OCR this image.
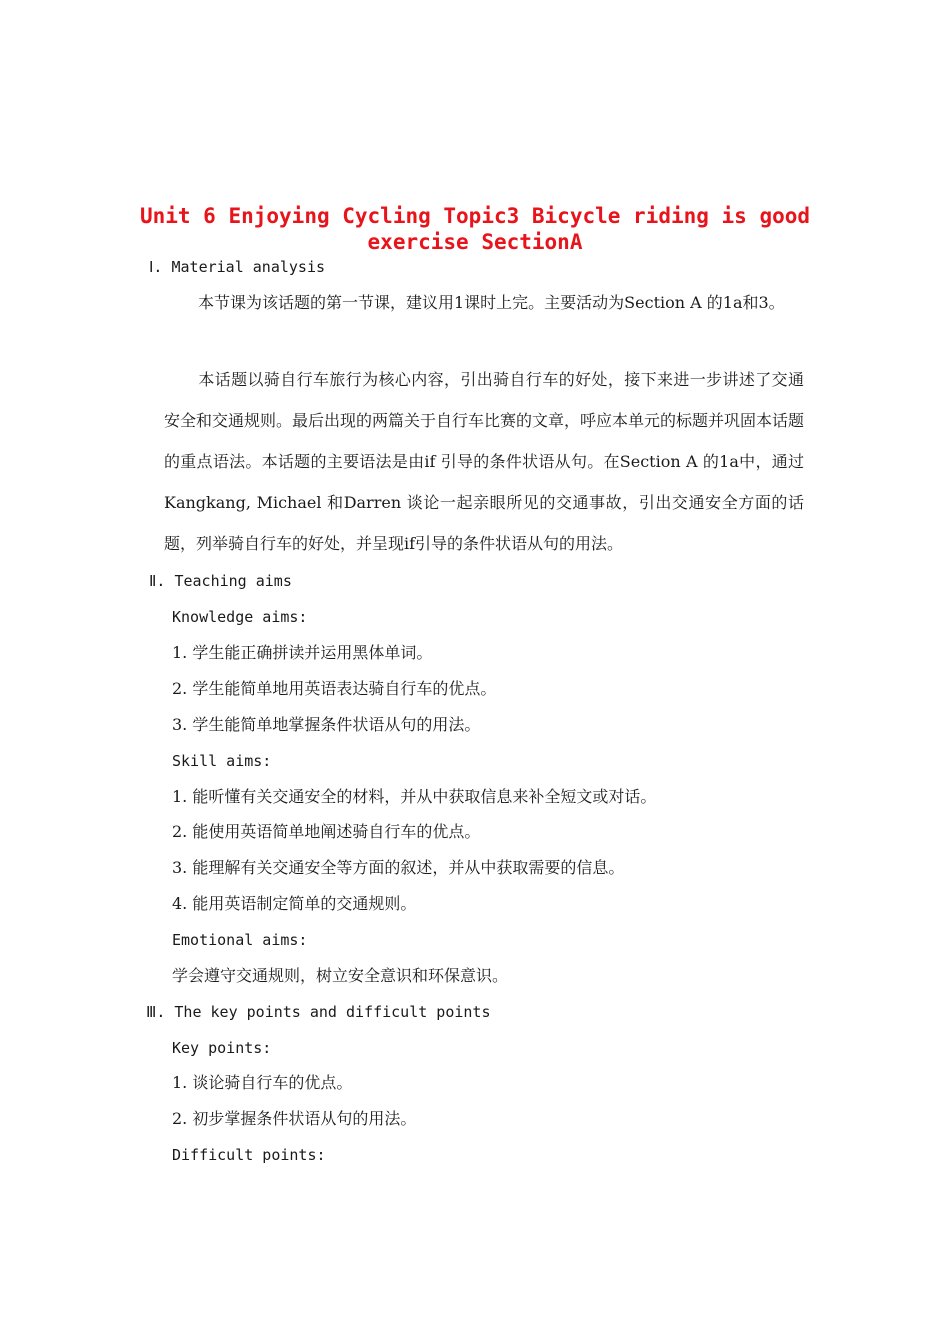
Unit 6 Enjoying Cycling Topic3 Bicycle riding is good exercise SectionA
Ⅰ. Material analysis
本节课为该话题的第一节课，建议用1课时上完。主要活动为Section A 的1a和3。
本话题以骑自行车旅行为核心内容，引出骑自行车的好处，接下来进一步讲述了交通安全和交通规则。最后出现的两篇关于自行车比赛的文章，呼应本单元的标题并巩固本话题的重点语法。本话题的主要语法是由if 引导的条件状语从句。在Section A 的1a中，通过Kangkang, Michael 和Darren 谈论一起亲眼所见的交通事故，引出交通安全方面的话题，列举骑自行车的好处，并呈现if引导的条件状语从句的用法。
Ⅱ. Teaching aims
Knowledge aims:
1. 学生能正确拼读并运用黑体单词。
2. 学生能简单地用英语表达骑自行车的优点。
3. 学生能简单地掌握条件状语从句的用法。
Skill aims:
1. 能听懂有关交通安全的材料，并从中获取信息来补全短文或对话。
2. 能使用英语简单地阐述骑自行车的优点。
3. 能理解有关交通安全等方面的叙述，并从中获取需要的信息。
4. 能用英语制定简单的交通规则。
Emotional aims:
学会遵守交通规则，树立安全意识和环保意识。
Ⅲ. The key points and difficult points
Key points:
1. 谈论骑自行车的优点。
2. 初步掌握条件状语从句的用法。
Difficult points:
